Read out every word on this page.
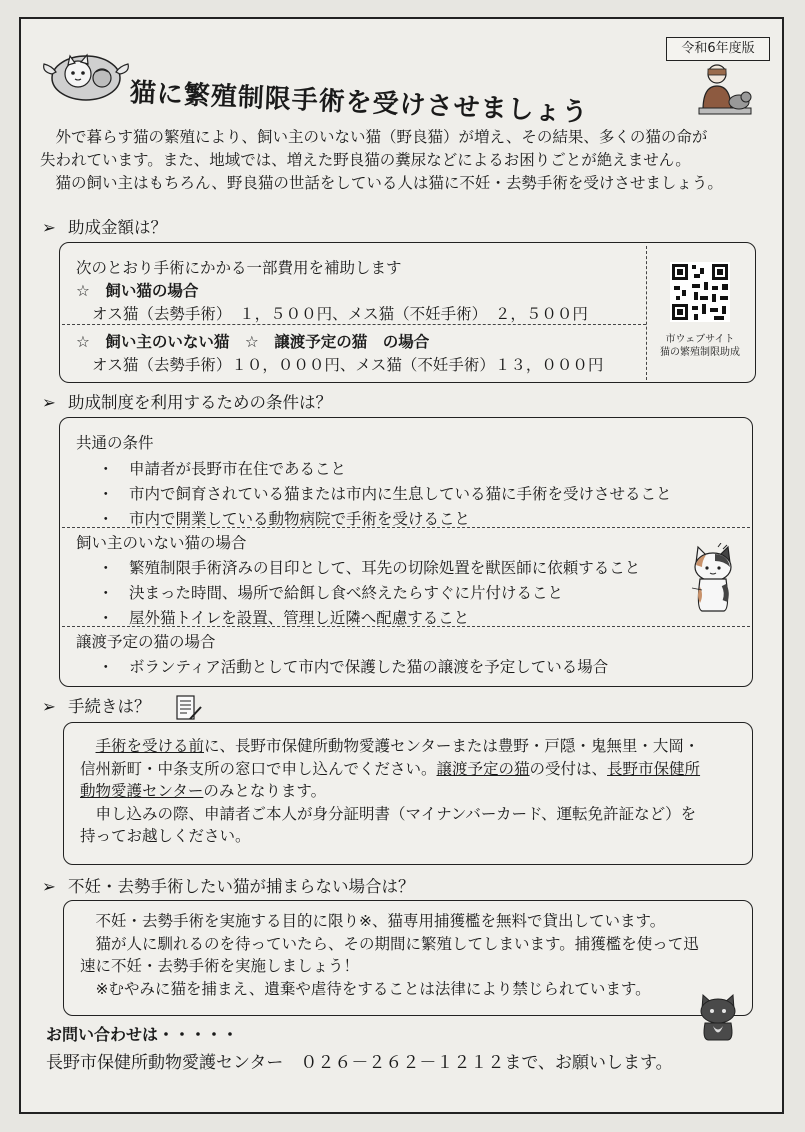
令和6年度版
猫に繁殖制限手術を受けさせましょう

外で暮らす猫の繁殖により、飼い主のいない猫（野良猫）が増え、その結果、多くの猫の命が

失われています。また、地域では、増えた野良猫の糞尿などによるお困りごとが絶えません。

猫の飼い主はもちろん、野良猫の世話をしている人は猫に不妊・去勢手術を受けさせましょう。

➢ 助成金額は？
次のとおり手術にかかる一部費用を補助します
☆　飼い猫の場合
オス猫（去勢手術）　１，５００円、メス猫（不妊手術）　２，５００円
☆　飼い主のいない猫　☆　譲渡予定の猫　の場合
オス猫（去勢手術）１０，０００円、メス猫（不妊手術）１３，０００円
市ウェブサイト
猫の繁殖制限助成
➢ 助成制度を利用するための条件は？
共通の条件
・　申請者が長野市在住であること
・　市内で飼育されている猫または市内に生息している猫に手術を受けさせること
・　市内で開業している動物病院で手術を受けること
飼い主のいない猫の場合
・　繁殖制限手術済みの目印として、耳先の切除処置を獣医師に依頼すること
・　決まった時間、場所で給餌し食べ終えたらすぐに片付けること
・　屋外猫トイレを設置、管理し近隣へ配慮すること
譲渡予定の猫の場合
・　ボランティア活動として市内で保護した猫の譲渡を予定している場合
➢ 手続きは？

手術を受ける前に、長野市保健所動物愛護センターまたは豊野・戸隠・鬼無里・大岡・

信州新町・中条支所の窓口で申し込んでください。譲渡予定の猫の受付は、長野市保健所

動物愛護センターのみとなります。

申し込みの際、申請者ご本人が身分証明書（マイナンバーカード、運転免許証など）を

持ってお越しください。

➢ 不妊・去勢手術したい猫が捕まらない場合は？

不妊・去勢手術を実施する目的に限り※、猫専用捕獲檻を無料で貸出しています。

猫が人に馴れるのを待っていたら、その期間に繁殖してしまいます。捕獲檻を使って迅

速に不妊・去勢手術を実施しましょう！

※むやみに猫を捕まえ、遺棄や虐待をすることは法律により禁じられています。

お問い合わせは・・・・・
長野市保健所動物愛護センター　０２６－２６２－１２１２まで、お願いします。
